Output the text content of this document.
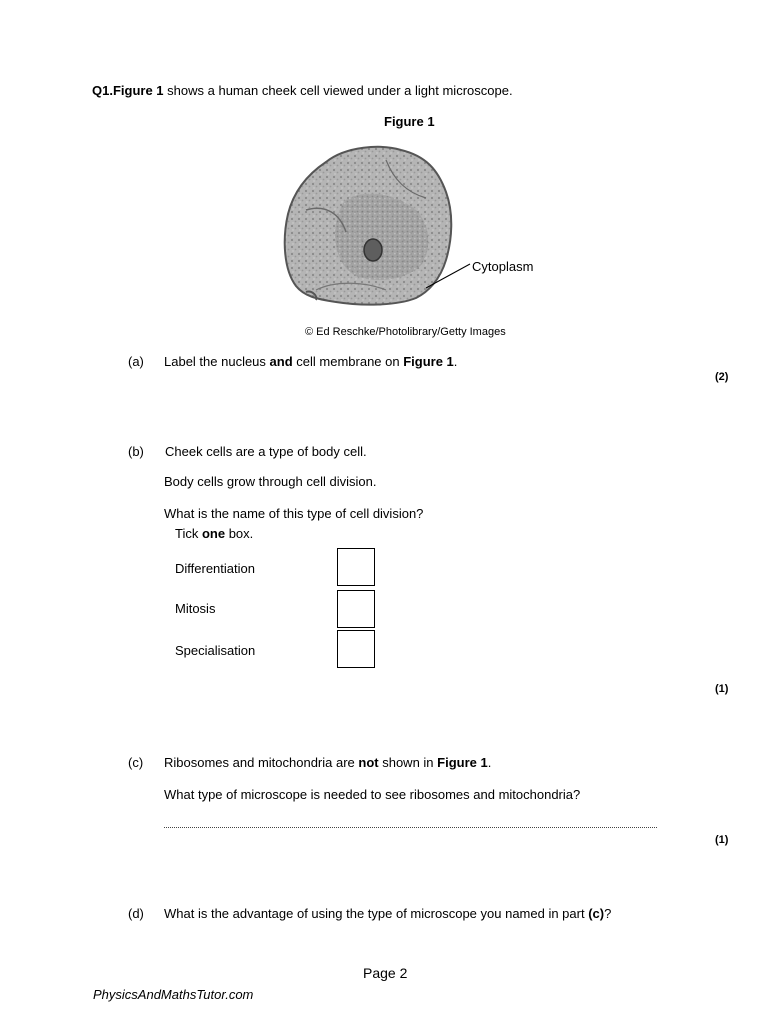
Q1.Figure 1 shows a human cheek cell viewed under a light microscope.
Figure 1
Cytoplasm
© Ed Reschke/Photolibrary/Getty Images
(a) Label the nucleus and cell membrane on Figure 1.
(2)
(b) Cheek cells are a type of body cell.
Body cells grow through cell division.
What is the name of this type of cell division?
Tick one box.
Differentiation
Mitosis
Specialisation
(1)
(c) Ribosomes and mitochondria are not shown in Figure 1.
What type of microscope is needed to see ribosomes and mitochondria?
(1)
(d) What is the advantage of using the type of microscope you named in part (c)?
Page 2
PhysicsAndMathsTutor.com
